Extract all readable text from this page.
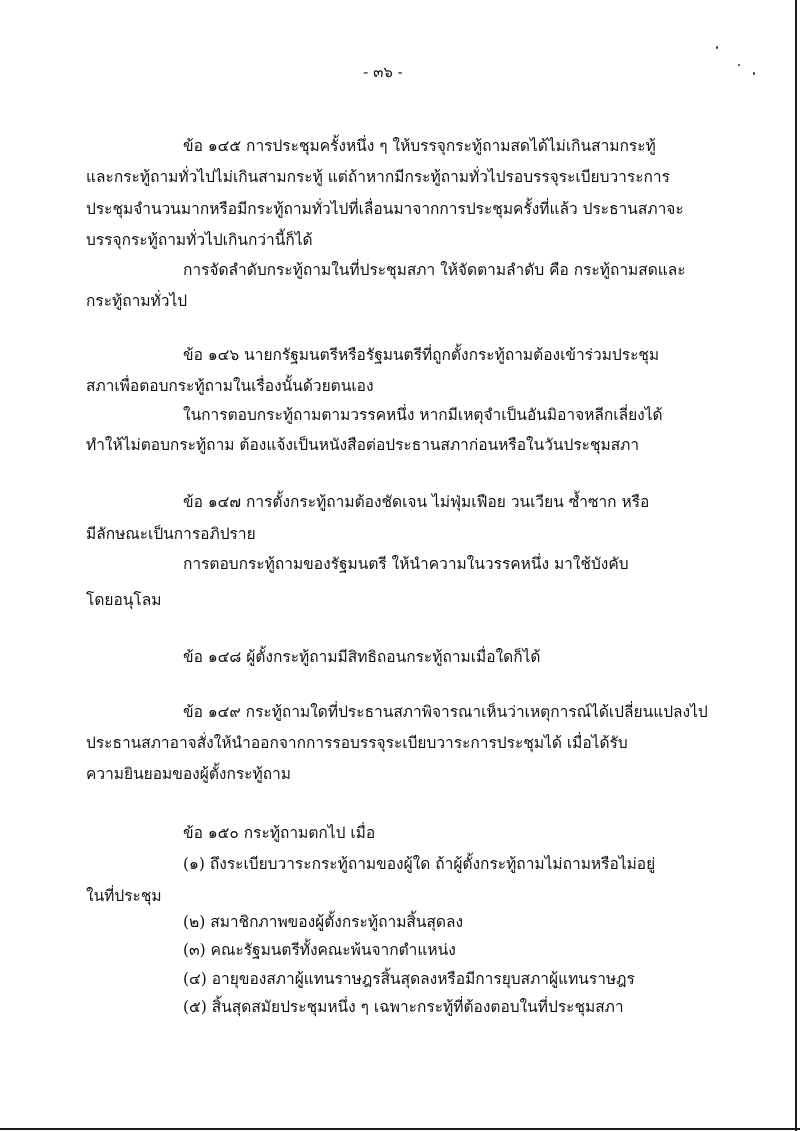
- ๓๖ -
ข้อ ๑๔๕ การประชุมครั้งหนึ่ง ๆ ให้บรรจุกระทู้ถามสดได้ไม่เกินสามกระทู้
และกระทู้ถามทั่วไปไม่เกินสามกระทู้ แต่ถ้าหากมีกระทู้ถามทั่วไปรอบรรจุระเบียบวาระการ
ประชุมจำนวนมากหรือมีกระทู้ถามทั่วไปที่เลื่อนมาจากการประชุมครั้งที่แล้ว ประธานสภาจะ
บรรจุกระทู้ถามทั่วไปเกินกว่านี้ก็ได้
การจัดลำดับกระทู้ถามในที่ประชุมสภา ให้จัดตามลำดับ คือ กระทู้ถามสดและ
กระทู้ถามทั่วไป
ข้อ ๑๔๖ นายกรัฐมนตรีหรือรัฐมนตรีที่ถูกตั้งกระทู้ถามต้องเข้าร่วมประชุม
สภาเพื่อตอบกระทู้ถามในเรื่องนั้นด้วยตนเอง
ในการตอบกระทู้ถามตามวรรคหนึ่ง หากมีเหตุจำเป็นอันมิอาจหลีกเลี่ยงได้
ทำให้ไม่ตอบกระทู้ถาม ต้องแจ้งเป็นหนังสือต่อประธานสภาก่อนหรือในวันประชุมสภา
ข้อ ๑๔๗ การตั้งกระทู้ถามต้องชัดเจน ไม่ฟุ่มเฟือย วนเวียน ซ้ำซาก หรือ
มีลักษณะเป็นการอภิปราย
การตอบกระทู้ถามของรัฐมนตรี ให้นำความในวรรคหนึ่ง มาใช้บังคับ
โดยอนุโลม
ข้อ ๑๔๘ ผู้ตั้งกระทู้ถามมีสิทธิถอนกระทู้ถามเมื่อใดก็ได้
ข้อ ๑๔๙ กระทู้ถามใดที่ประธานสภาพิจารณาเห็นว่าเหตุการณ์ได้เปลี่ยนแปลงไป
ประธานสภาอาจสั่งให้นำออกจากการรอบรรจุระเบียบวาระการประชุมได้ เมื่อได้รับ
ความยินยอมของผู้ตั้งกระทู้ถาม
ข้อ ๑๕๐ กระทู้ถามตกไป เมื่อ
(๑) ถึงระเบียบวาระกระทู้ถามของผู้ใด ถ้าผู้ตั้งกระทู้ถามไม่ถามหรือไม่อยู่
ในที่ประชุม
(๒) สมาชิกภาพของผู้ตั้งกระทู้ถามสิ้นสุดลง
(๓) คณะรัฐมนตรีทั้งคณะพ้นจากตำแหน่ง
(๔) อายุของสภาผู้แทนราษฎรสิ้นสุดลงหรือมีการยุบสภาผู้แทนราษฎร
(๕) สิ้นสุดสมัยประชุมหนึ่ง ๆ เฉพาะกระทู้ที่ต้องตอบในที่ประชุมสภา
